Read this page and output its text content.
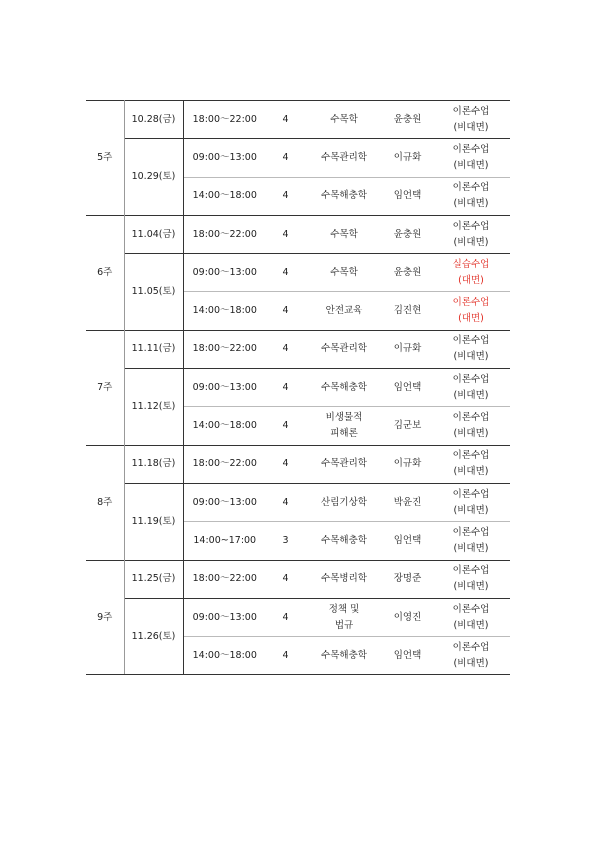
5주	10.28(금)	18:00～22:00	4	수목학	윤충원	이론수업
(비대면)
	10.29(토)	09:00～13:00	4	수목관리학	이규화	이론수업
(비대면)
		14:00～18:00	4	수목해충학	임언택	이론수업
(비대면)
6주	11.04(금)	18:00～22:00	4	수목학	윤충원	이론수업
(비대면)
	11.05(토)	09:00～13:00	4	수목학	윤충원	실습수업
(대면)
		14:00～18:00	4	안전교육	김진현	이론수업
(대면)
7주	11.11(금)	18:00～22:00	4	수목관리학	이규화	이론수업
(비대면)
	11.12(토)	09:00～13:00	4	수목해충학	임언택	이론수업
(비대면)
		14:00～18:00	4	비생물적
피해론	김군보	이론수업
(비대면)
8주	11.18(금)	18:00～22:00	4	수목관리학	이규화	이론수업
(비대면)
	11.19(토)	09:00～13:00	4	산림기상학	박윤진	이론수업
(비대면)
		14:00~17:00	3	수목해충학	임언택	이론수업
(비대면)
9주	11.25(금)	18:00～22:00	4	수목병리학	장명준	이론수업
(비대면)
	11.26(토)	09:00～13:00	4	정책 및
법규	이영진	이론수업
(비대면)
		14:00～18:00	4	수목해충학	임언택	이론수업
(비대면)
